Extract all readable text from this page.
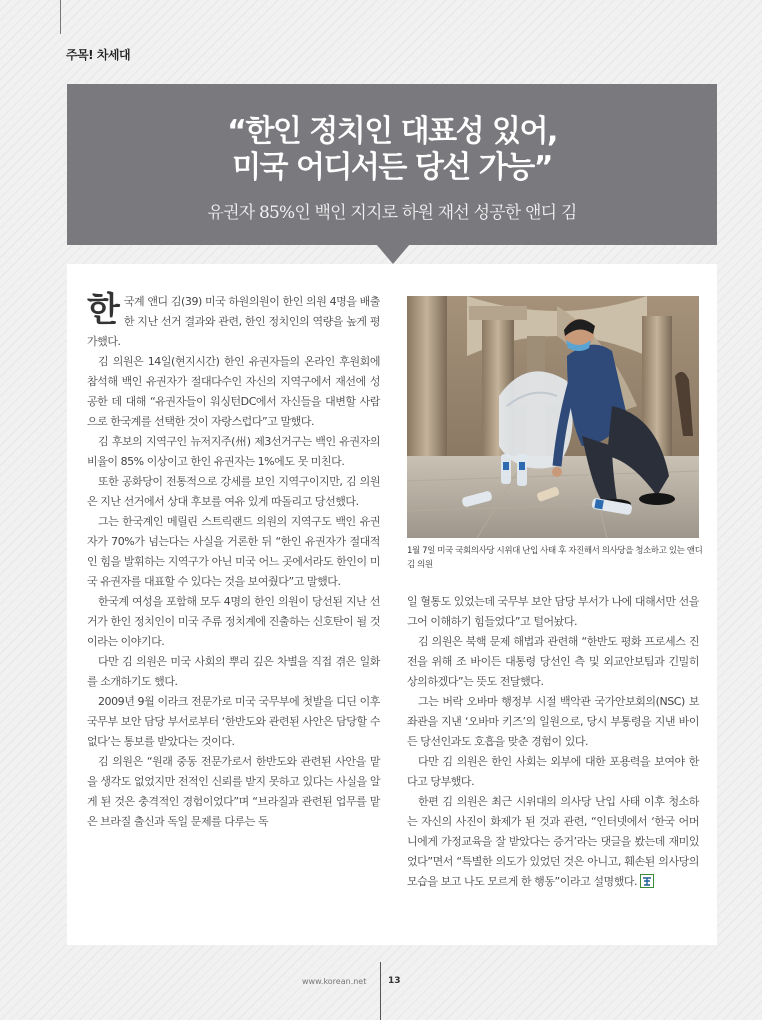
주목! 차세대
“한인 정치인 대표성 있어,
미국 어디서든 당선 가능”
유권자 85%인 백인 지지로 하원 재선 성공한 앤디 김

한국계 앤디 김(39) 미국 하원의원이 한인 의원 4명을 배출한 지난 선거 결과와 관련, 한인 정치인의 역량을 높게 평가했다.

김 의원은 14일(현지시간) 한인 유권자들의 온라인 후원회에 참석해 백인 유권자가 절대다수인 자신의 지역구에서 재선에 성공한 데 대해 “유권자들이 워싱턴DC에서 자신들을 대변할 사람으로 한국계를 선택한 것이 자랑스럽다”고 말했다.

김 후보의 지역구인 뉴저지주(州) 제3선거구는 백인 유권자의 비율이 85% 이상이고 한인 유권자는 1%에도 못 미친다.

또한 공화당이 전통적으로 강세를 보인 지역구이지만, 김 의원은 지난 선거에서 상대 후보를 여유 있게 따돌리고 당선했다.

그는 한국계인 메릴린 스트릭랜드 의원의 지역구도 백인 유권자가 70%가 넘는다는 사실을 거론한 뒤 “한인 유권자가 절대적인 힘을 발휘하는 지역구가 아닌 미국 어느 곳에서라도 한인이 미국 유권자를 대표할 수 있다는 것을 보여줬다”고 말했다.

한국계 여성을 포함해 모두 4명의 한인 의원이 당선된 지난 선거가 한인 정치인이 미국 주류 정치계에 진출하는 신호탄이 될 것이라는 이야기다.

다만 김 의원은 미국 사회의 뿌리 깊은 차별을 직접 겪은 일화를 소개하기도 했다.

2009년 9월 이라크 전문가로 미국 국무부에 첫발을 디딘 이후 국무부 보안 담당 부서로부터 ‘한반도와 관련된 사안은 담당할 수 없다’는 통보를 받았다는 것이다.

김 의원은 “원래 중동 전문가로서 한반도와 관련된 사안을 맡을 생각도 없었지만 전적인 신뢰를 받지 못하고 있다는 사실을 알게 된 것은 충격적인 경험이었다”며 “브라질과 관련된 업무를 맡은 브라질 출신과 독일 문제를 다루는 독

1월 7일 미국 국회의사당 시위대 난입 사태 후 자진해서 의사당을 청소하고 있는 앤디 김 의원

일 혈통도 있었는데 국무부 보안 담당 부서가 나에 대해서만 선을 그어 이해하기 힘들었다”고 털어놨다.

김 의원은 북핵 문제 해법과 관련해 “한반도 평화 프로세스 진전을 위해 조 바이든 대통령 당선인 측 및 외교안보팀과 긴밀히 상의하겠다”는 뜻도 전달했다.

그는 버락 오바마 행정부 시절 백악관 국가안보회의(NSC) 보좌관을 지낸 ‘오바마 키즈’의 일원으로, 당시 부통령을 지낸 바이든 당선인과도 호흡을 맞춘 경험이 있다.

다만 김 의원은 한인 사회는 외부에 대한 포용력을 보여야 한다고 당부했다.

한편 김 의원은 최근 시위대의 의사당 난입 사태 이후 청소하는 자신의 사진이 화제가 된 것과 관련, “인터넷에서 ‘한국 어머니에게 가정교육을 잘 받았다는 증거’라는 댓글을 봤는데 재미있었다”면서 “특별한 의도가 있었던 것은 아니고, 훼손된 의사당의 모습을 보고 나도 모르게 한 행동”이라고 설명했다.

www.korean.net 13
